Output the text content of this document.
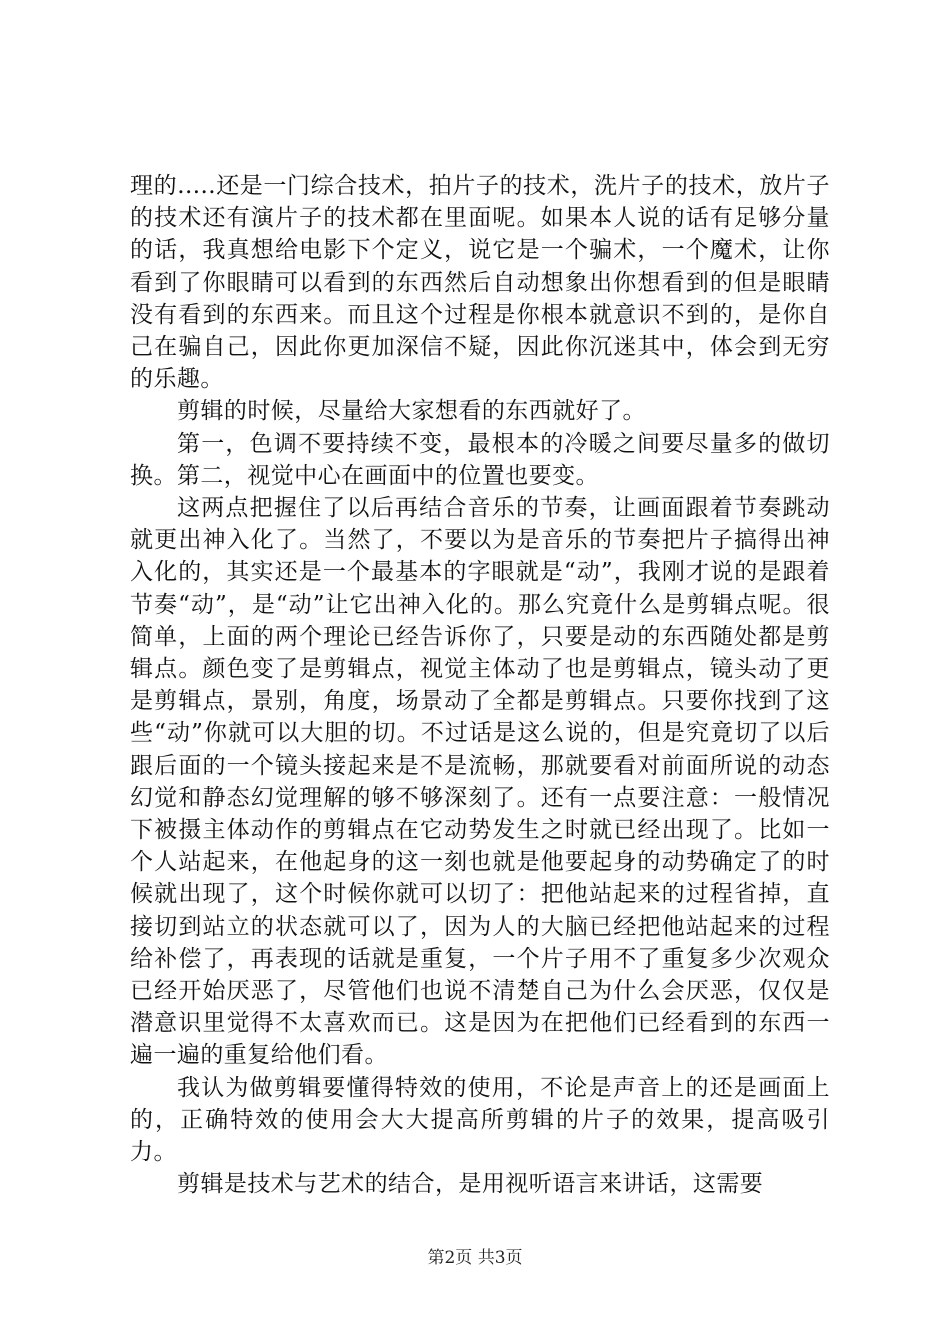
理的.....还是一门综合技术，拍片子的技术，洗片子的技术，放片子的技术还有演片子的技术都在里面呢。如果本人说的话有足够分量的话，我真想给电影下个定义，说它是一个骗术，一个魔术，让你看到了你眼睛可以看到的东西然后自动想象出你想看到的但是眼睛没有看到的东西来。而且这个过程是你根本就意识不到的，是你自己在骗自己，因此你更加深信不疑，因此你沉迷其中，体会到无穷的乐趣。

剪辑的时候，尽量给大家想看的东西就好了。

第一，色调不要持续不变，最根本的冷暖之间要尽量多的做切换。第二，视觉中心在画面中的位置也要变。

这两点把握住了以后再结合音乐的节奏，让画面跟着节奏跳动就更出神入化了。当然了，不要以为是音乐的节奏把片子搞得出神入化的，其实还是一个最基本的字眼就是“动”，我刚才说的是跟着节奏“动”，是“动”让它出神入化的。那么究竟什么是剪辑点呢。很简单，上面的两个理论已经告诉你了，只要是动的东西随处都是剪辑点。颜色变了是剪辑点，视觉主体动了也是剪辑点，镜头动了更是剪辑点，景别，角度，场景动了全都是剪辑点。只要你找到了这些“动”你就可以大胆的切。不过话是这么说的，但是究竟切了以后跟后面的一个镜头接起来是不是流畅，那就要看对前面所说的动态幻觉和静态幻觉理解的够不够深刻了。还有一点要注意：一般情况下被摄主体动作的剪辑点在它动势发生之时就已经出现了。比如一个人站起来，在他起身的这一刻也就是他要起身的动势确定了的时候就出现了，这个时候你就可以切了：把他站起来的过程省掉，直接切到站立的状态就可以了，因为人的大脑已经把他站起来的过程给补偿了，再表现的话就是重复，一个片子用不了重复多少次观众已经开始厌恶了，尽管他们也说不清楚自己为什么会厌恶，仅仅是潜意识里觉得不太喜欢而已。这是因为在把他们已经看到的东西一遍一遍的重复给他们看。

我认为做剪辑要懂得特效的使用，不论是声音上的还是画面上的，正确特效的使用会大大提高所剪辑的片子的效果，提高吸引力。

剪辑是技术与艺术的结合，是用视听语言来讲话，这需要

第2页 共3页
